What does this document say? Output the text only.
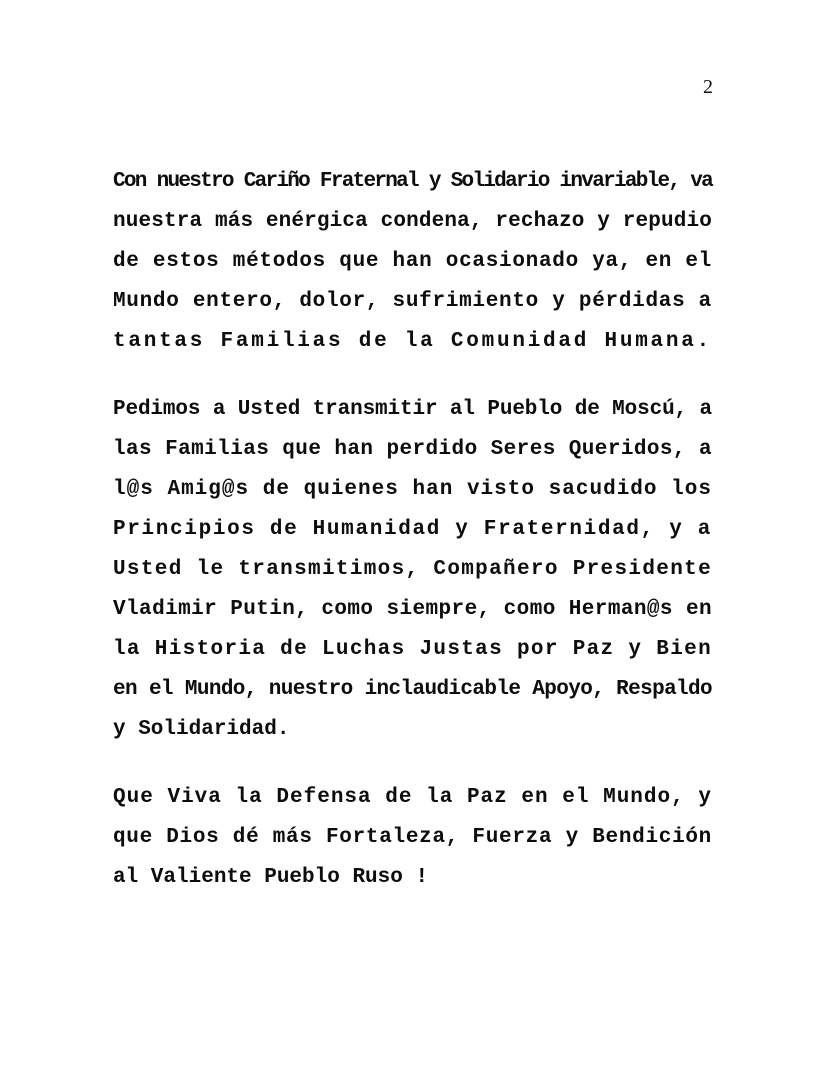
2

Con nuestro Cariño Fraternal y Solidario invariable, va
nuestra más enérgica condena, rechazo y repudio
de estos métodos que han ocasionado ya, en el
Mundo entero, dolor, sufrimiento y pérdidas a
tantas Familias de la Comunidad Humana.

Pedimos a Usted transmitir al Pueblo de Moscú, a
las Familias que han perdido Seres Queridos, a
l@s Amig@s de quienes han visto sacudido los
Principios de Humanidad y Fraternidad, y a
Usted le transmitimos, Compañero Presidente
Vladimir Putin, como siempre, como Herman@s en
la Historia de Luchas Justas por Paz y Bien
en el Mundo, nuestro inclaudicable Apoyo, Respaldo
y Solidaridad.

Que Viva la Defensa de la Paz en el Mundo, y
que Dios dé más Fortaleza, Fuerza y Bendición
al Valiente Pueblo Ruso !
